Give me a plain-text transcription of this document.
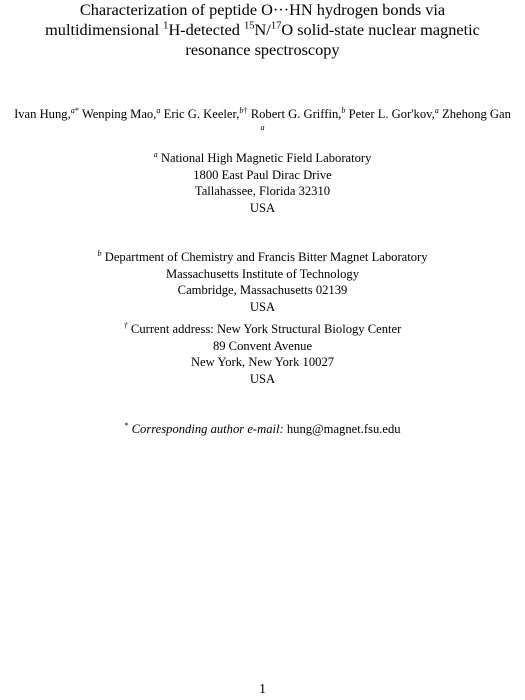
Characterization of peptide O···HN hydrogen bonds via
multidimensional $^1$H-detected $^{15}$N/$^{17}$O solid-state nuclear magnetic
resonance spectroscopy
Ivan Hung,$^{a*}$ Wenping Mao,$^a$ Eric G. Keeler,$^{b\dagger}$ Robert G. Griffin,$^b$ Peter L. Gor'kov,$^a$ Zhehong Gan
$^a$
$^a$ National High Magnetic Field Laboratory
1800 East Paul Dirac Drive
Tallahassee, Florida 32310
USA
$^b$ Department of Chemistry and Francis Bitter Magnet Laboratory
Massachusetts Institute of Technology
Cambridge, Massachusetts 02139
USA
† Current address: New York Structural Biology Center
89 Convent Avenue
New York, New York 10027
USA
* Corresponding author e-mail: hung@magnet.fsu.edu
1
